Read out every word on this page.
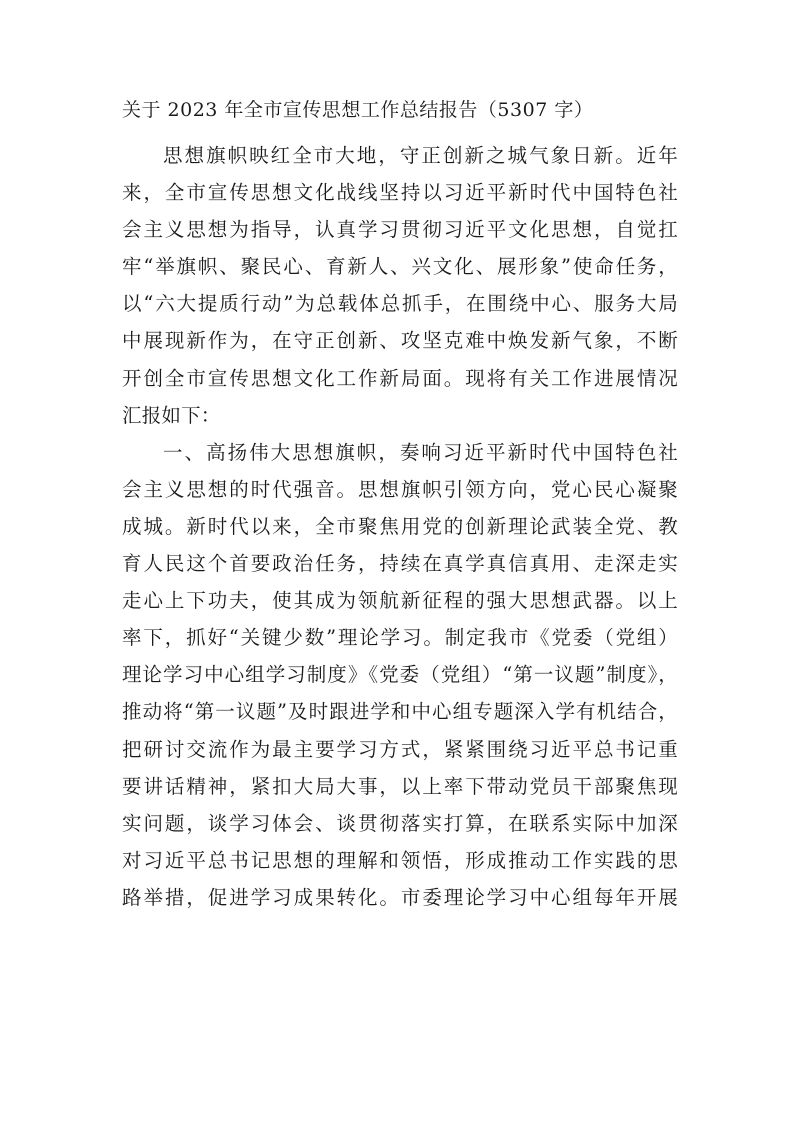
关于 2023 年全市宣传思想工作总结报告（5307 字）
思想旗帜映红全市大地，守正创新之城气象日新。近年
来，全市宣传思想文化战线坚持以习近平新时代中国特色社
会主义思想为指导，认真学习贯彻习近平文化思想，自觉扛
牢“举旗帜、聚民心、育新人、兴文化、展形象”使命任务，
以“六大提质行动”为总载体总抓手，在围绕中心、服务大局
中展现新作为，在守正创新、攻坚克难中焕发新气象，不断
开创全市宣传思想文化工作新局面。现将有关工作进展情况
汇报如下：
一、高扬伟大思想旗帜，奏响习近平新时代中国特色社
会主义思想的时代强音。思想旗帜引领方向，党心民心凝聚
成城。新时代以来，全市聚焦用党的创新理论武装全党、教
育人民这个首要政治任务，持续在真学真信真用、走深走实
走心上下功夫，使其成为领航新征程的强大思想武器。以上
率下，抓好“关键少数”理论学习。制定我市《党委（党组）
理论学习中心组学习制度》《党委（党组）“第一议题”制度》，
推动将“第一议题”及时跟进学和中心组专题深入学有机结合，
把研讨交流作为最主要学习方式，紧紧围绕习近平总书记重
要讲话精神，紧扣大局大事，以上率下带动党员干部聚焦现
实问题，谈学习体会、谈贯彻落实打算，在联系实际中加深
对习近平总书记思想的理解和领悟，形成推动工作实践的思
路举措，促进学习成果转化。市委理论学习中心组每年开展
